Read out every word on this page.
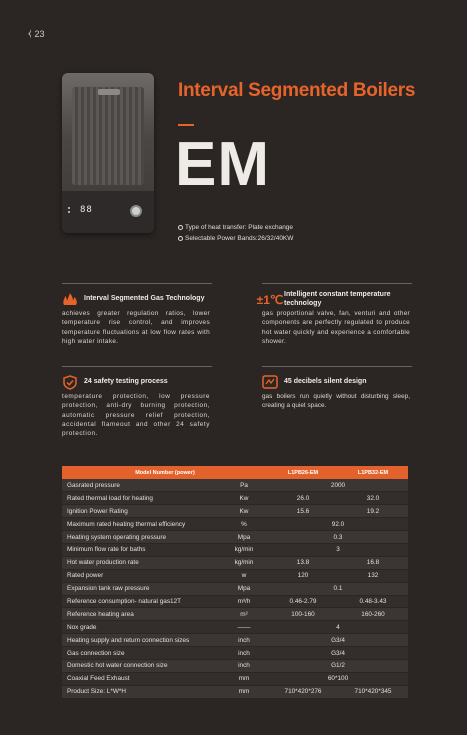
⧼ 23
88
Interval Segmented Boilers
EM
Type of heat transfer: Plate exchange
Selectable Power Bands:26/32/40KW
Interval Segmented Gas Technology
achieves greater regulation ratios, lower temperature rise control, and improves temperature fluctuations at low flow rates with high water intake.
±1℃ Intelligent constant temperature technology
gas proportional valve, fan, venturi and other components are perfectly regulated to produce hot water quickly and experience a comfortable shower.
24 safety testing process
temperature protection, low pressure protection, anti-dry burning protection, automatic pressure relief protection, accidental flameout and other 24 safety protection.
45 decibels silent design
gas boilers run quietly without disturbing sleep, creating a quiet space.
Model Number (power)		L1PB26-EM	L1PB32-EM
Gasrated pressure	Pa	2000	
Rated thermal load for heating	Kw	26.0	32.0
Ignition Power Rating	Kw	15.6	19.2
Maximum rated heating thermal efficiency	%	92.0	
Heating system operating pressure	Mpa	0.3	
Minimum flow rate for baths	kg/min	3	
Hot water production rate	kg/min	13.8	16.8
Rated power	w	120	132
Expansion tank raw pressure	Mpa	0.1	
Reference consumption- natural gas12T	m³/h	0.46-2.79	0.48-3.43
Reference heating area	m²	100-160	160-260
Nox grade	——	4	
Heating supply and return connection sizes	inch	G3/4	
Gas connection size	inch	G3/4	
Domestic hot water connection size	inch	G1/2	
Coaxial Feed Exhaust	mm	60*100	
Product Size: L*W*H	mm	710*420*276	710*420*345
